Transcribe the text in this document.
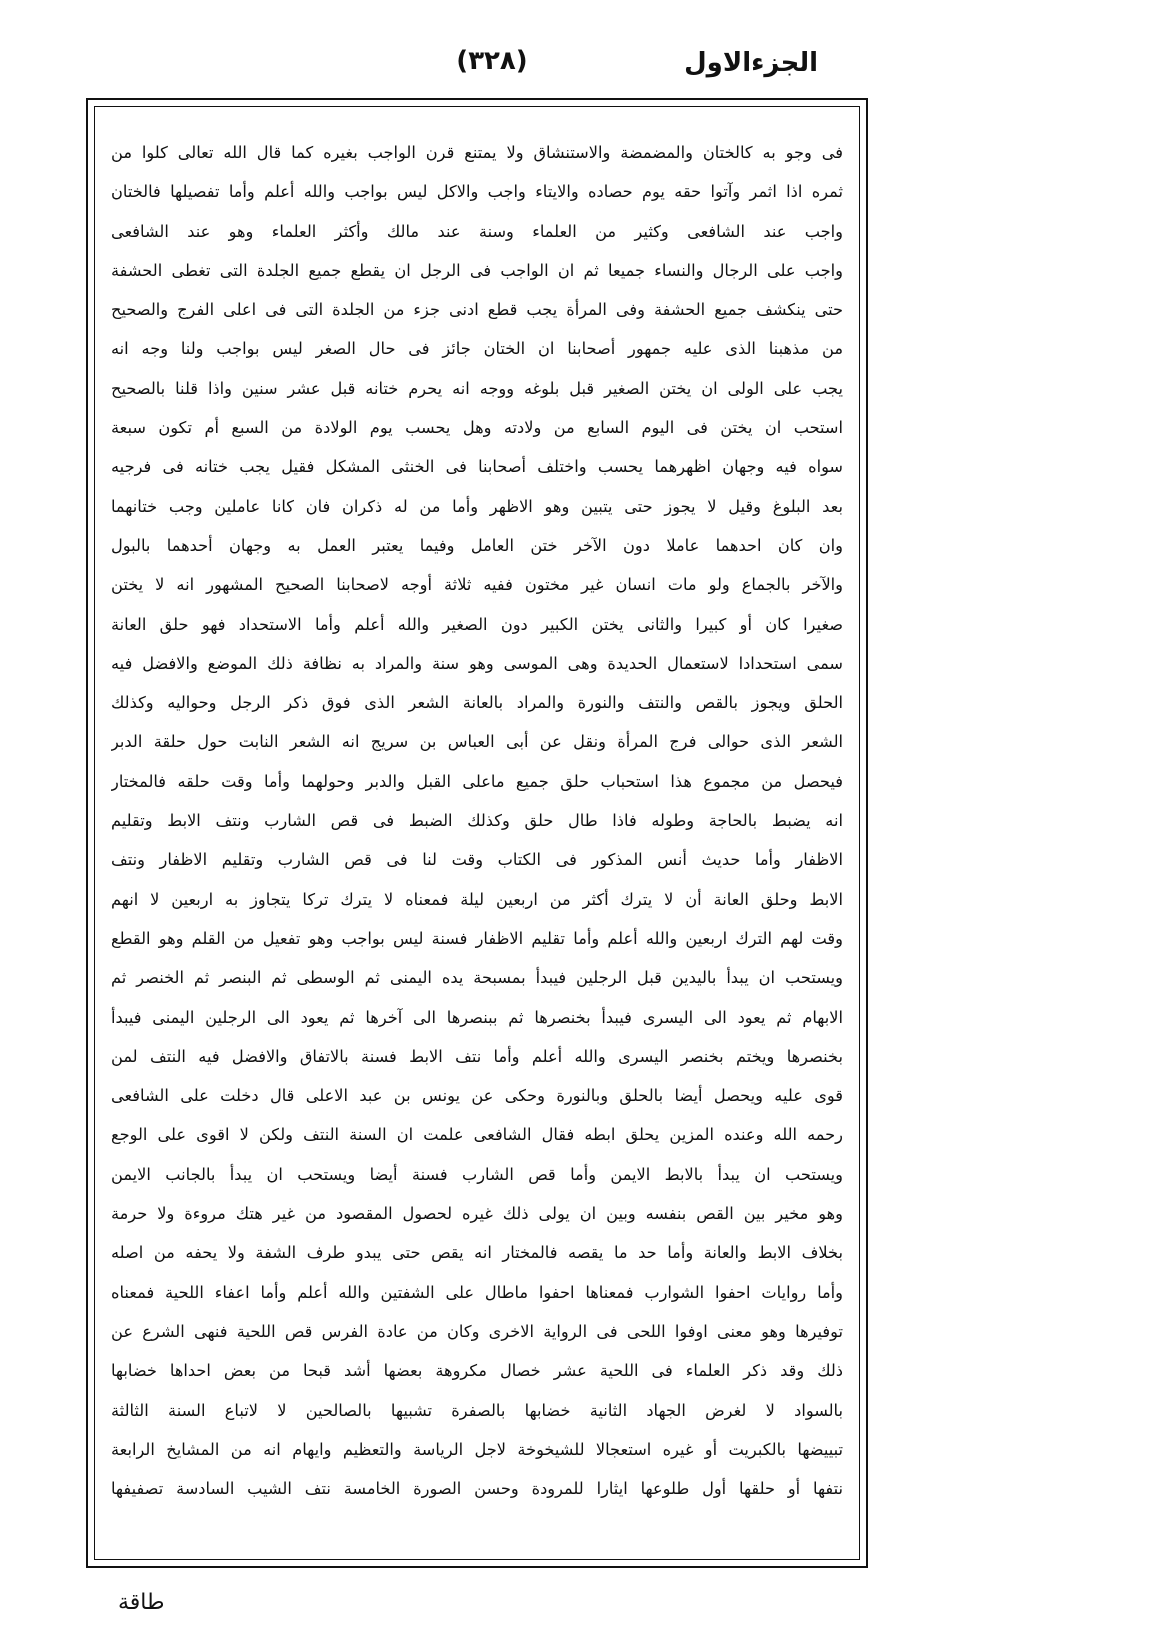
الجزءالاول
(٣٢٨)
فى وجو به كالختان والمضمضة والاستنشاق ولا يمتنع قرن الواجب بغيره كما قال الله تعالى كلوا من
ثمره اذا اثمر وآتوا حقه يوم حصاده والايتاء واجب والاكل ليس بواجب والله أعلم وأما تفصيلها فالختان
واجب عند الشافعى وكثير من العلماء وسنة عند مالك وأكثر العلماء وهو عند الشافعى
واجب على الرجال والنساء جميعا ثم ان الواجب فى الرجل ان يقطع جميع الجلدة التى تغطى الحشفة
حتى ينكشف جميع الحشفة وفى المرأة يجب قطع ادنى جزء من الجلدة التى فى اعلى الفرج والصحيح
من مذهبنا الذى عليه جمهور أصحابنا ان الختان جائز فى حال الصغر ليس بواجب ولنا وجه انه
يجب على الولى ان يختن الصغير قبل بلوغه ووجه انه يحرم ختانه قبل عشر سنين واذا قلنا بالصحيح
استحب ان يختن فى اليوم السابع من ولادته وهل يحسب يوم الولادة من السبع أم تكون سبعة
سواه فيه وجهان اظهرهما يحسب واختلف أصحابنا فى الخنثى المشكل فقيل يجب ختانه فى فرجيه
بعد البلوغ وقيل لا يجوز حتى يتبين وهو الاظهر وأما من له ذكران فان كانا عاملين وجب ختانهما
وان كان احدهما عاملا دون الآخر ختن العامل وفيما يعتبر العمل به وجهان أحدهما بالبول
والآخر بالجماع ولو مات انسان غير مختون ففيه ثلاثة أوجه لاصحابنا الصحيح المشهور انه لا يختن
صغيرا كان أو كبيرا والثانى يختن الكبير دون الصغير والله أعلم وأما الاستحداد فهو حلق العانة
سمى استحدادا لاستعمال الحديدة وهى الموسى وهو سنة والمراد به نظافة ذلك الموضع والافضل فيه
الحلق ويجوز بالقص والنتف والنورة والمراد بالعانة الشعر الذى فوق ذكر الرجل وحواليه وكذلك
الشعر الذى حوالى فرج المرأة ونقل عن أبى العباس بن سريج انه الشعر النابت حول حلقة الدبر
فيحصل من مجموع هذا استحباب حلق جميع ماعلى القبل والدبر وحولهما وأما وقت حلقه فالمختار
انه يضبط بالحاجة وطوله فاذا طال حلق وكذلك الضبط فى قص الشارب ونتف الابط وتقليم
الاظفار وأما حديث أنس المذكور فى الكتاب وقت لنا فى قص الشارب وتقليم الاظفار ونتف
الابط وحلق العانة أن لا يترك أكثر من اربعين ليلة فمعناه لا يترك تركا يتجاوز به اربعين لا انهم
وقت لهم الترك اربعين والله أعلم وأما تقليم الاظفار فسنة ليس بواجب وهو تفعيل من القلم وهو القطع
ويستحب ان يبدأ باليدين قبل الرجلين فيبدأ بمسبحة يده اليمنى ثم الوسطى ثم البنصر ثم الخنصر ثم
الابهام ثم يعود الى اليسرى فيبدأ بخنصرها ثم ببنصرها الى آخرها ثم يعود الى الرجلين اليمنى فيبدأ
بخنصرها ويختم بخنصر اليسرى والله أعلم وأما نتف الابط فسنة بالاتفاق والافضل فيه النتف لمن
قوى عليه ويحصل أيضا بالحلق وبالنورة وحكى عن يونس بن عبد الاعلى قال دخلت على الشافعى
رحمه الله وعنده المزين يحلق ابطه فقال الشافعى علمت ان السنة النتف ولكن لا اقوى على الوجع
ويستحب ان يبدأ بالابط الايمن وأما قص الشارب فسنة أيضا ويستحب ان يبدأ بالجانب الايمن
وهو مخير بين القص بنفسه وبين ان يولى ذلك غيره لحصول المقصود من غير هتك مروءة ولا حرمة
بخلاف الابط والعانة وأما حد ما يقصه فالمختار انه يقص حتى يبدو طرف الشفة ولا يحفه من اصله
وأما روايات احفوا الشوارب فمعناها احفوا ماطال على الشفتين والله أعلم وأما اعفاء اللحية فمعناه
توفيرها وهو معنى اوفوا اللحى فى الرواية الاخرى وكان من عادة الفرس قص اللحية فنهى الشرع عن
ذلك وقد ذكر العلماء فى اللحية عشر خصال مكروهة بعضها أشد قبحا من بعض احداها خضابها
بالسواد لا لغرض الجهاد الثانية خضابها بالصفرة تشبيها بالصالحين لا لاتباع السنة الثالثة
تبييضها بالكبريت أو غيره استعجالا للشيخوخة لاجل الرياسة والتعظيم وايهام انه من المشايخ الرابعة
نتفها أو حلقها أول طلوعها ايثارا للمرودة وحسن الصورة الخامسة نتف الشيب السادسة تصفيفها
طاقة
